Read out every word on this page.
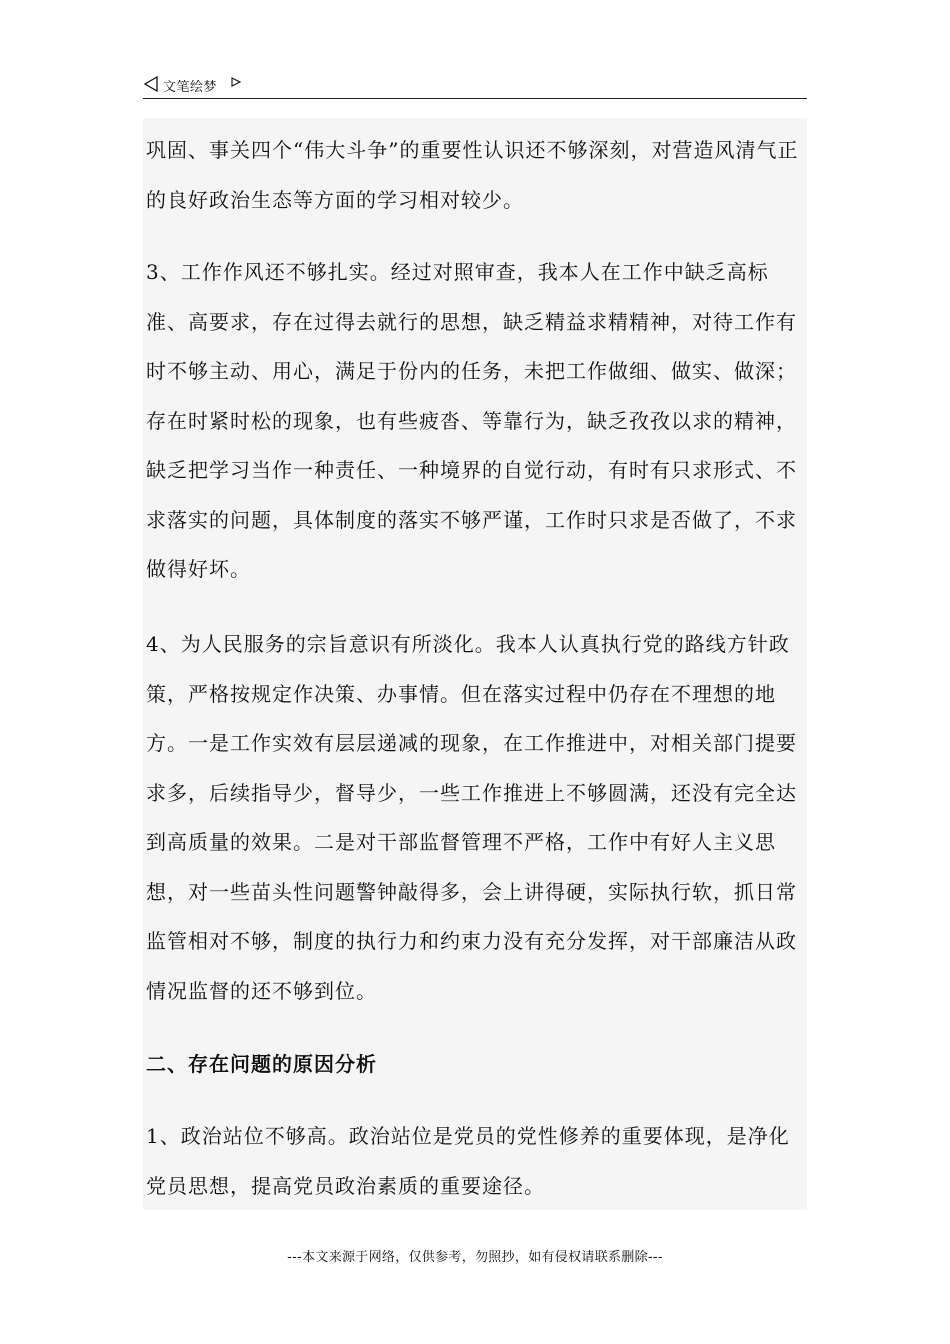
文笔绘梦

巩固、事关四个“伟大斗争”的重要性认识还不够深刻，对营造风清气正的良好政治生态等方面的学习相对较少。

3、工作作风还不够扎实。经过对照审查，我本人在工作中缺乏高标准、高要求，存在过得去就行的思想，缺乏精益求精精神，对待工作有时不够主动、用心，满足于份内的任务，未把工作做细、做实、做深；存在时紧时松的现象，也有些疲沓、等靠行为，缺乏孜孜以求的精神，缺乏把学习当作一种责任、一种境界的自觉行动，有时有只求形式、不求落实的问题，具体制度的落实不够严谨，工作时只求是否做了，不求做得好坏。

4、为人民服务的宗旨意识有所淡化。我本人认真执行党的路线方针政策，严格按规定作决策、办事情。但在落实过程中仍存在不理想的地方。一是工作实效有层层递减的现象，在工作推进中，对相关部门提要求多，后续指导少，督导少，一些工作推进上不够圆满，还没有完全达到高质量的效果。二是对干部监督管理不严格，工作中有好人主义思想，对一些苗头性问题警钟敲得多，会上讲得硬，实际执行软，抓日常监管相对不够，制度的执行力和约束力没有充分发挥，对干部廉洁从政情况监督的还不够到位。

二、存在问题的原因分析

1、政治站位不够高。政治站位是党员的党性修养的重要体现，是净化党员思想，提高党员政治素质的重要途径。

---本文来源于网络，仅供参考，勿照抄，如有侵权请联系删除---
